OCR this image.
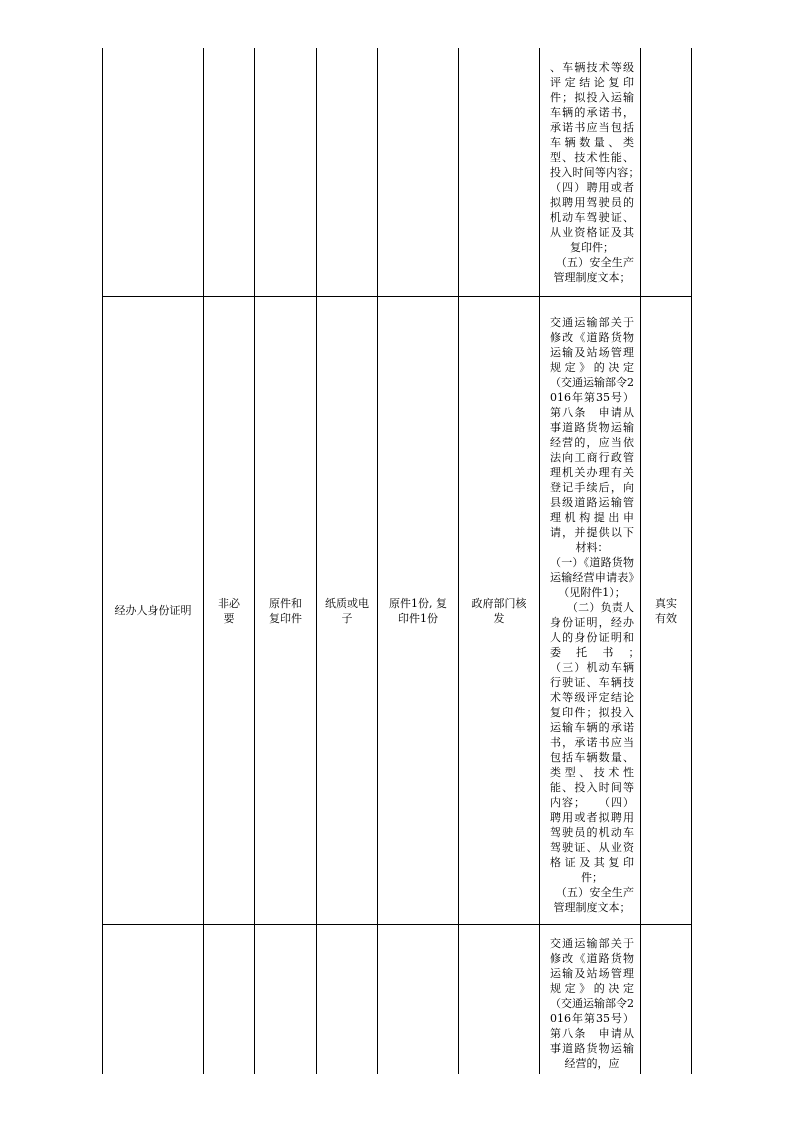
						、车辆技术等级评定结论复印件；拟投入运输车辆的承诺书，承诺书应当包括车辆数量、类型、技术性能、投入时间等内容；　　　（四）聘用或者拟聘用驾驶员的机动车驾驶证、从业资格证及其复印件；
　（五）安全生产管理制度文本；	

经办人身份证明	非必要	原件和复印件	纸质或电子	原件1份, 复印件1份	政府部门核发	交通运输部关于修改《道路货物运输及站场管理规定》的决定（交通运输部令2016年第35号）第八条　申请从事道路货物运输经营的，应当依法向工商行政管理机关办理有关登记手续后，向县级道路运输管理机构提出申请，并提供以下材料：
（一）《道路货物运输经营申请表》（见附件1）；
　　（二）负责人身份证明，经办人的身份证明和委托书；　　　（三）机动车辆行驶证、车辆技术等级评定结论复印件；拟投入运输车辆的承诺书，承诺书应当包括车辆数量、类型、技术性能、投入时间等内容；　　（四）聘用或者拟聘用驾驶员的机动车驾驶证、从业资格证及其复印件；
　（五）安全生产管理制度文本；	真实有效

						交通运输部关于修改《道路货物运输及站场管理规定》的决定（交通运输部令2016年第35号）第八条　申请从事道路货物运输经营的，应	
